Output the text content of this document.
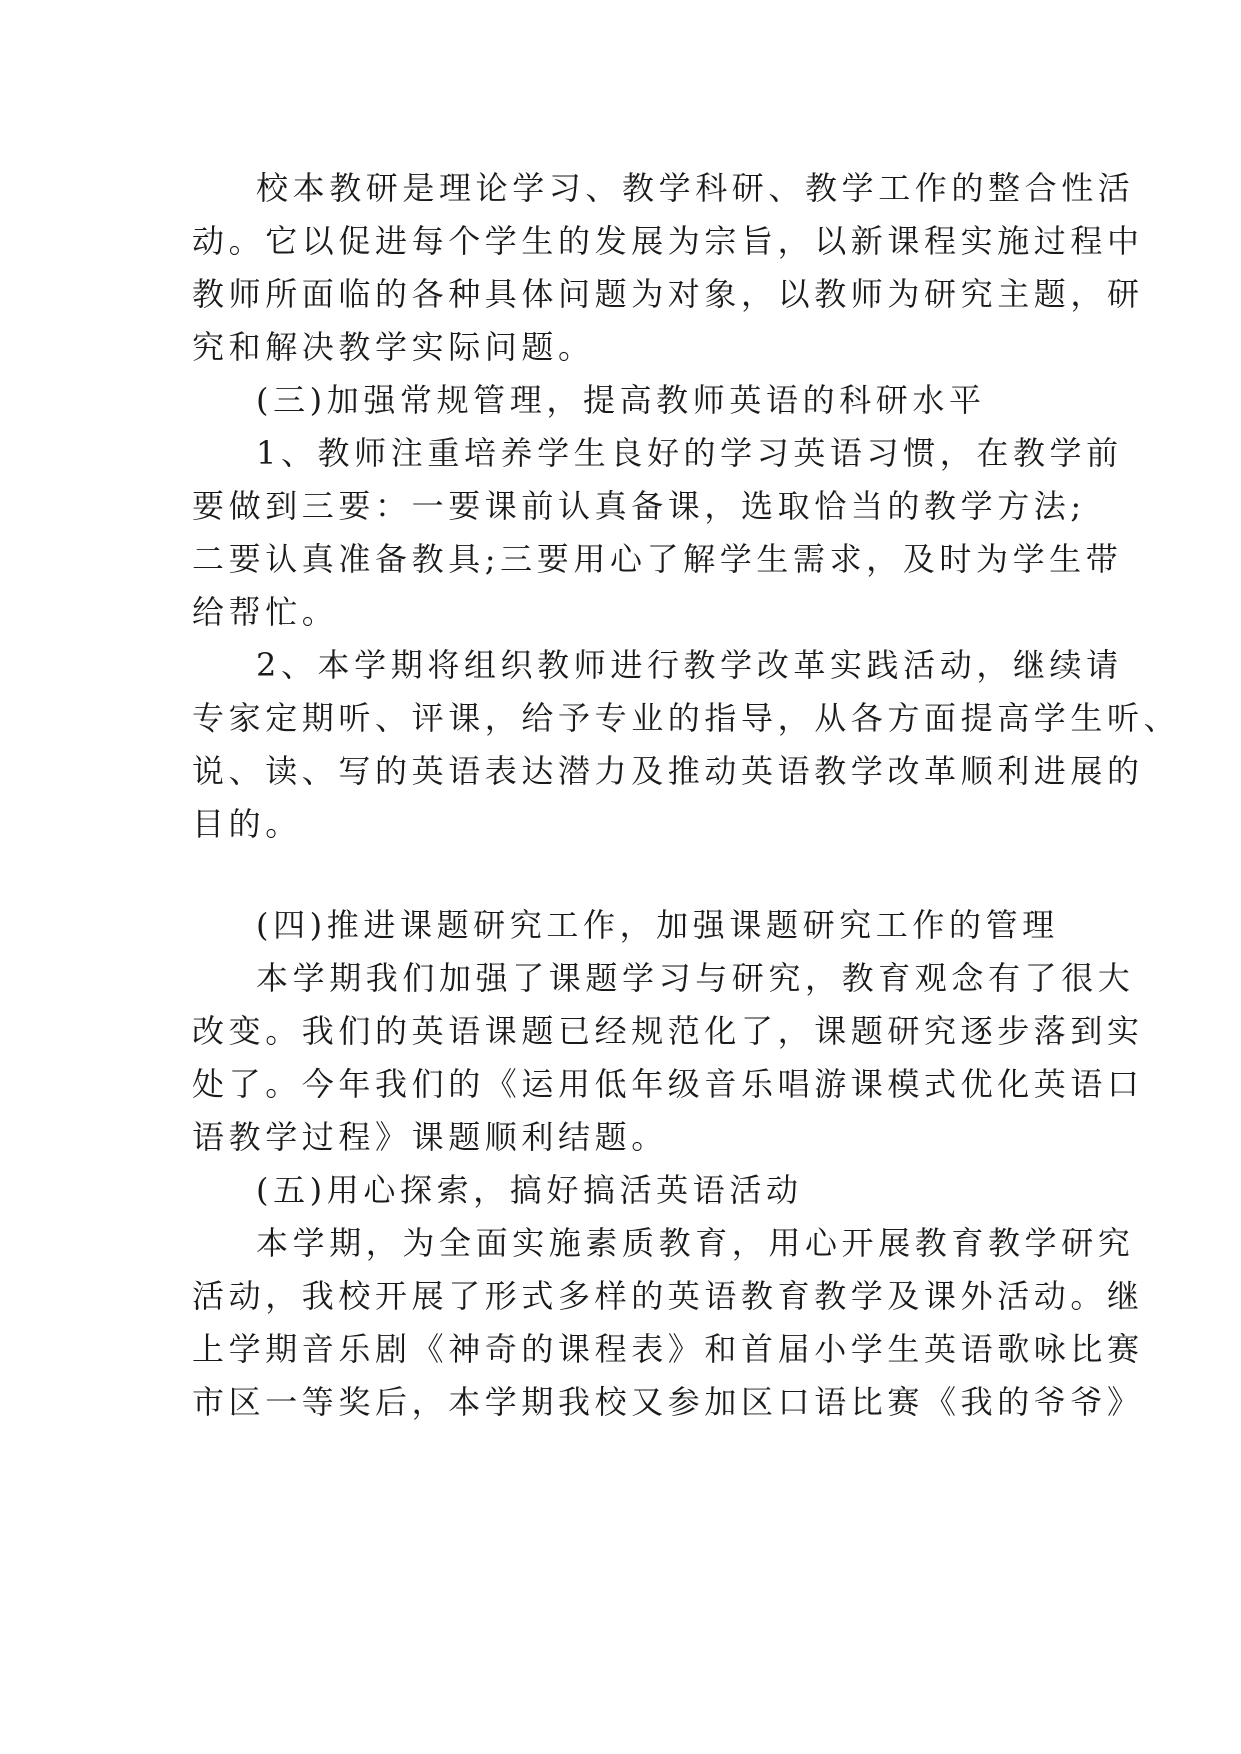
校本教研是理论学习、教学科研、教学工作的整合性活
动。它以促进每个学生的发展为宗旨，以新课程实施过程中
教师所面临的各种具体问题为对象，以教师为研究主题，研
究和解决教学实际问题。
(三)加强常规管理，提高教师英语的科研水平
1、教师注重培养学生良好的学习英语习惯，在教学前
要做到三要：一要课前认真备课，选取恰当的教学方法;
二要认真准备教具;三要用心了解学生需求，及时为学生带
给帮忙。
2、本学期将组织教师进行教学改革实践活动，继续请
专家定期听、评课，给予专业的指导，从各方面提高学生听、
说、读、写的英语表达潜力及推动英语教学改革顺利进展的
目的。
(四)推进课题研究工作，加强课题研究工作的管理
本学期我们加强了课题学习与研究，教育观念有了很大
改变。我们的英语课题已经规范化了，课题研究逐步落到实
处了。今年我们的《运用低年级音乐唱游课模式优化英语口
语教学过程》课题顺利结题。
(五)用心探索，搞好搞活英语活动
本学期，为全面实施素质教育，用心开展教育教学研究
活动，我校开展了形式多样的英语教育教学及课外活动。继
上学期音乐剧《神奇的课程表》和首届小学生英语歌咏比赛
市区一等奖后，本学期我校又参加区口语比赛《我的爷爷》
